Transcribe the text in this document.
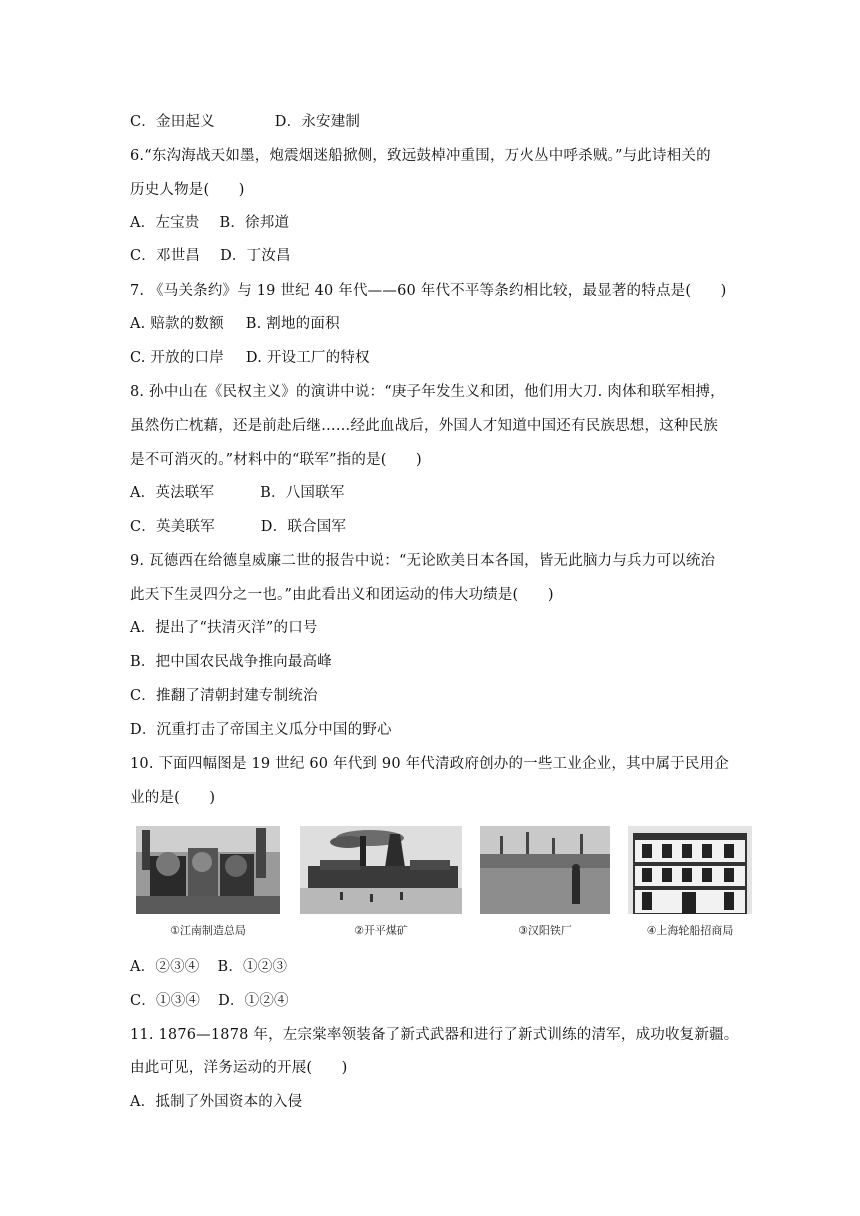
C．金田起义	D．永安建制
6.“东沟海战天如墨，炮震烟迷船掀侧，致远鼓棹冲重围，万火丛中呼杀贼。”与此诗相关的
历史人物是(　　)
A．左宝贵 B．徐邦道
C．邓世昌 D．丁汝昌
7. 《马关条约》与 19 世纪 40 年代——60 年代不平等条约相比较，最显著的特点是(　　)
A. 赔款的数额 B. 割地的面积
C. 开放的口岸 D. 开设工厂的特权
8. 孙中山在《民权主义》的演讲中说：“庚子年发生义和团，他们用大刀. 肉体和联军相搏，
虽然伤亡枕藉，还是前赴后继……经此血战后，外国人才知道中国还有民族思想，这种民族
是不可消灭的。”材料中的“联军”指的是(　　)
A．英法联军	B．八国联军
C．英美联军	D．联合国军
9. 瓦德西在给德皇威廉二世的报告中说：“无论欧美日本各国，皆无此脑力与兵力可以统治
此天下生灵四分之一也。”由此看出义和团运动的伟大功绩是(　　)
A．提出了“扶清灭洋”的口号
B．把中国农民战争推向最高峰
C．推翻了清朝封建专制统治
D．沉重打击了帝国主义瓜分中国的野心
10. 下面四幅图是 19 世纪 60 年代到 90 年代清政府创办的一些工业企业，其中属于民用企
业的是(　　)
A．②③④ B．①②③
C．①③④ D．①②④
11. 1876—1878 年，左宗棠率领装备了新式武器和进行了新式训练的清军，成功收复新疆。
由此可见，洋务运动的开展(　　)
A．抵制了外国资本的入侵
①江南制造总局	②开平煤矿	③汉阳铁厂	④上海轮船招商局
